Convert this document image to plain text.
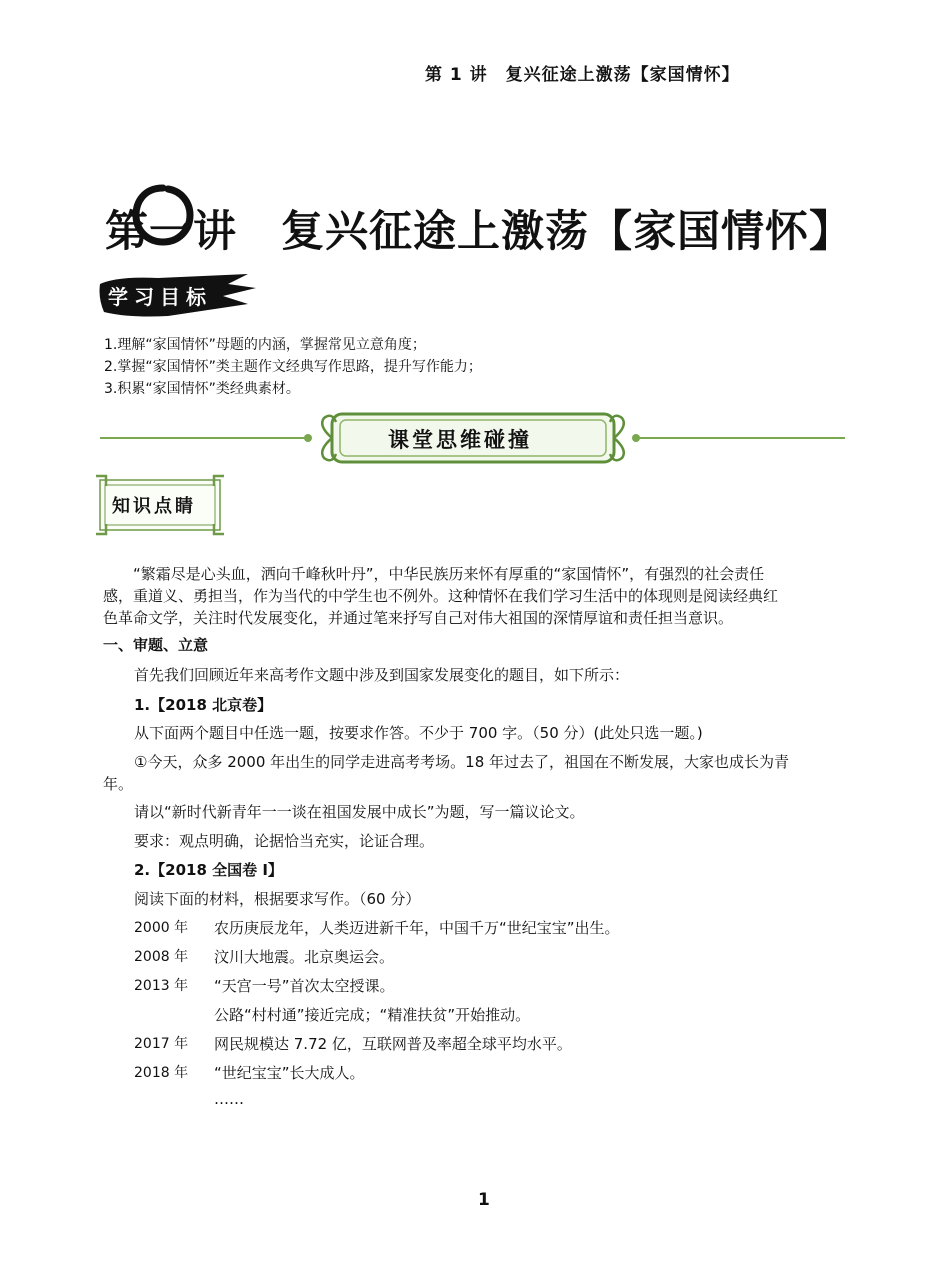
第 1 讲　复兴征途上激荡【家国情怀】
第一讲　复兴征途上激荡【家国情怀】
学习目标
1.理解“家国情怀”母题的内涵，掌握常见立意角度；
2.掌握“家国情怀”类主题作文经典写作思路，提升写作能力；
3.积累“家国情怀”类经典素材。
课堂思维碰撞
知识点睛
“繁霜尽是心头血，洒向千峰秋叶丹”，中华民族历来怀有厚重的“家国情怀”，有强烈的社会责任
感，重道义、勇担当，作为当代的中学生也不例外。这种情怀在我们学习生活中的体现则是阅读经典红
色革命文学，关注时代发展变化，并通过笔来抒写自己对伟大祖国的深情厚谊和责任担当意识。
一、审题、立意
首先我们回顾近年来高考作文题中涉及到国家发展变化的题目，如下所示：
1.【2018 北京卷】
从下面两个题目中任选一题，按要求作答。不少于 700 字。（50 分）(此处只选一题。)
①今天，众多 2000 年出生的同学走进高考考场。18 年过去了，祖国在不断发展，大家也成长为青
年。
请以“新时代新青年一一谈在祖国发展中成长”为题，写一篇议论文。
要求：观点明确，论据恰当充实，论证合理。
2.【2018 全国卷 I】
阅读下面的材料，根据要求写作。（60 分）
2000 年 农历庚辰龙年，人类迈进新千年，中国千万“世纪宝宝”出生。
2008 年 汶川大地震。北京奥运会。
2013 年 “天宫一号”首次太空授课。
公路“村村通”接近完成；“精准扶贫”开始推动。
2017 年 网民规模达 7.72 亿，互联网普及率超全球平均水平。
2018 年 “世纪宝宝”长大成人。
……
1
